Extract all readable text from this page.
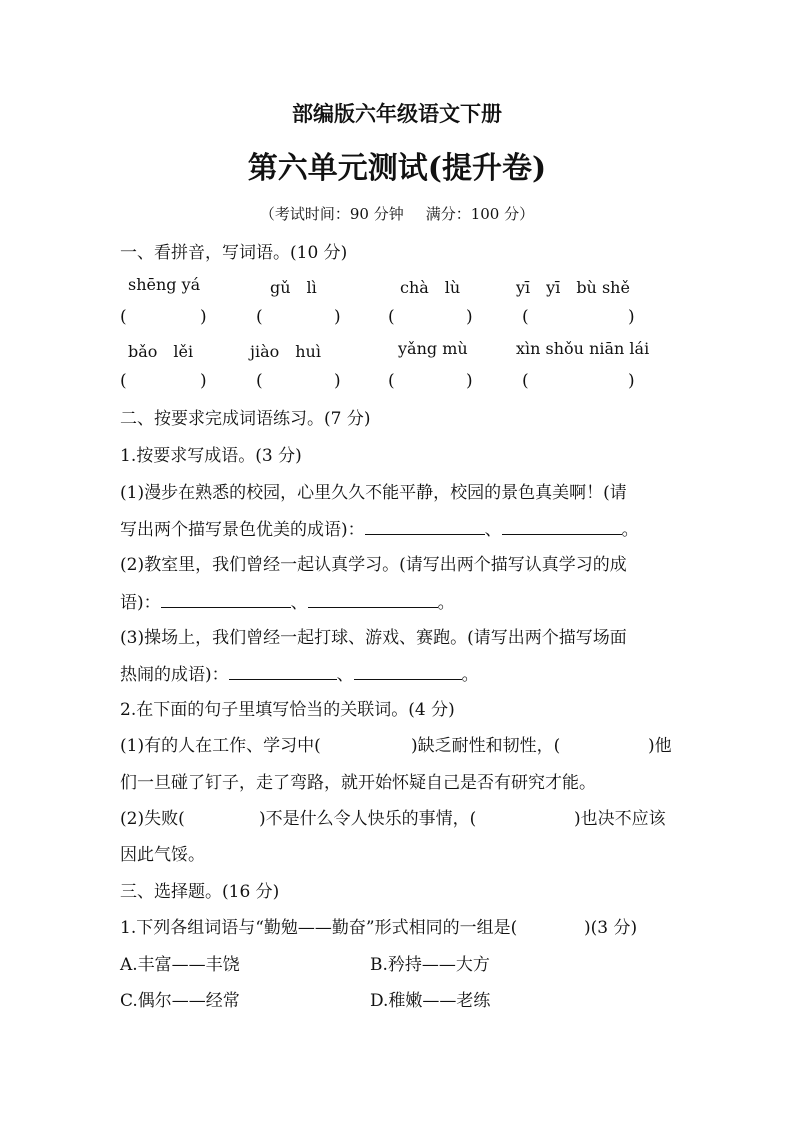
部编版六年级语文下册
第六单元测试(提升卷)
（考试时间：90 分钟 满分：100 分）
一、看拼音，写词语。(10 分)
shēng yá	gǔ　lì	chà　lù	yī　yī　bù shě
(	)	(	)	(	)	(	)
bǎo　lěi	jiào　huì	yǎng mù	xìn shǒu niān lái
(	)	(	)	(	)	(	)
二、按要求完成词语练习。(7 分)
1.按要求写成语。(3 分)
(1)漫步在熟悉的校园，心里久久不能平静，校园的景色真美啊！(请
写出两个描写景色优美的成语)：	、	。
(2)教室里，我们曾经一起认真学习。(请写出两个描写认真学习的成
语)：	、	。
(3)操场上，我们曾经一起打球、游戏、赛跑。(请写出两个描写场面
热闹的成语)：	、	。
2.在下面的句子里填写恰当的关联词。(4 分)
(1)有的人在工作、学习中(	)缺乏耐性和韧性，(	)他
们一旦碰了钉子，走了弯路，就开始怀疑自己是否有研究才能。
(2)失败(	)不是什么令人快乐的事情，(	)也决不应该
因此气馁。
三、选择题。(16 分)
1.下列各组词语与“勤勉——勤奋”形式相同的一组是(	)(3 分)
A.丰富——丰饶	B.矜持——大方
C.偶尔——经常	D.稚嫩——老练
